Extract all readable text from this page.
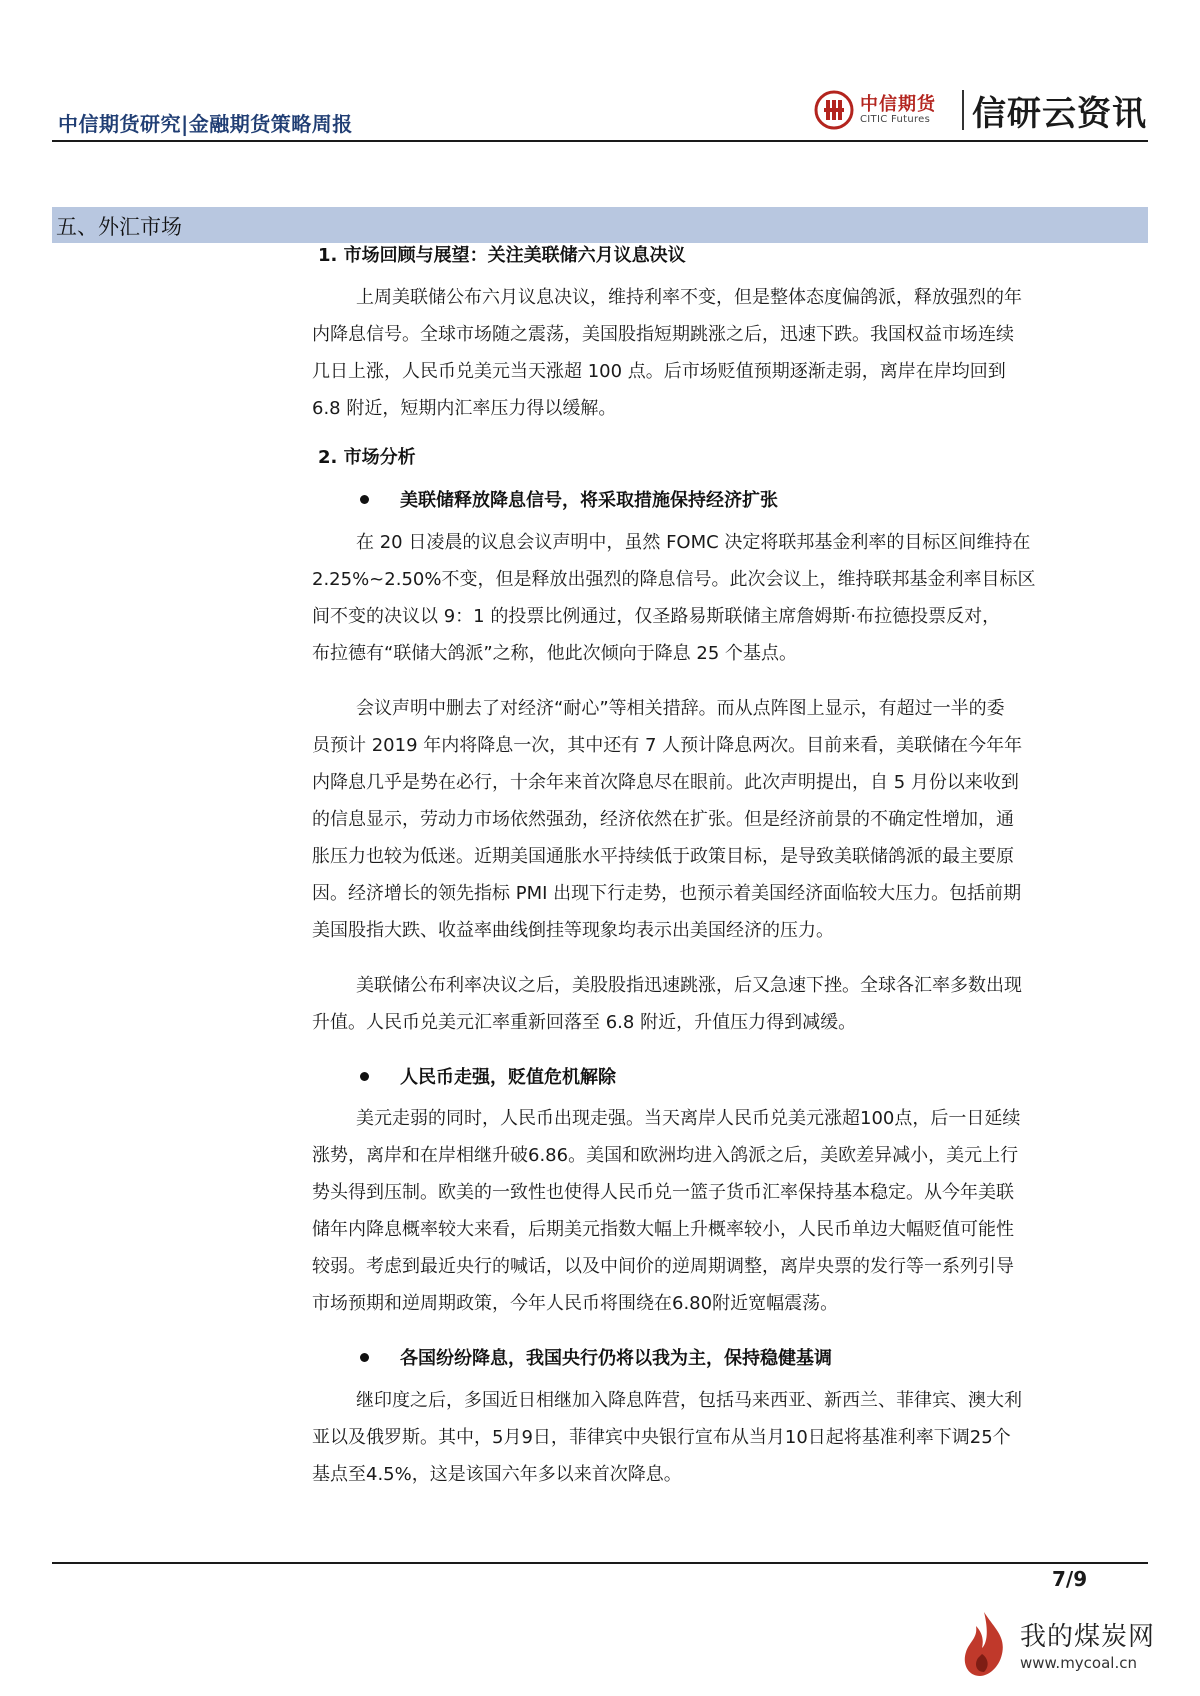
中信期货研究|金融期货策略周报
中信期货
CITIC Futures 信研云资讯
五、外汇市场
1. 市场回顾与展望：关注美联储六月议息决议
上周美联储公布六月议息决议，维持利率不变，但是整体态度偏鸽派，释放强烈的年
内降息信号。全球市场随之震荡，美国股指短期跳涨之后，迅速下跌。我国权益市场连续
几日上涨，人民币兑美元当天涨超 100 点。后市场贬值预期逐渐走弱，离岸在岸均回到
6.8 附近，短期内汇率压力得以缓解。
2. 市场分析
美联储释放降息信号，将采取措施保持经济扩张
在 20 日凌晨的议息会议声明中，虽然 FOMC 决定将联邦基金利率的目标区间维持在
2.25%~2.50%不变，但是释放出强烈的降息信号。此次会议上，维持联邦基金利率目标区
间不变的决议以 9：1 的投票比例通过，仅圣路易斯联储主席詹姆斯·布拉德投票反对，
布拉德有“联储大鸽派”之称，他此次倾向于降息 25 个基点。
会议声明中删去了对经济“耐心”等相关措辞。而从点阵图上显示，有超过一半的委
员预计 2019 年内将降息一次，其中还有 7 人预计降息两次。目前来看，美联储在今年年
内降息几乎是势在必行，十余年来首次降息尽在眼前。此次声明提出，自 5 月份以来收到
的信息显示，劳动力市场依然强劲，经济依然在扩张。但是经济前景的不确定性增加，通
胀压力也较为低迷。近期美国通胀水平持续低于政策目标，是导致美联储鸽派的最主要原
因。经济增长的领先指标 PMI 出现下行走势，也预示着美国经济面临较大压力。包括前期
美国股指大跌、收益率曲线倒挂等现象均表示出美国经济的压力。
美联储公布利率决议之后，美股股指迅速跳涨，后又急速下挫。全球各汇率多数出现
升值。人民币兑美元汇率重新回落至 6.8 附近，升值压力得到减缓。
人民币走强，贬值危机解除
美元走弱的同时，人民币出现走强。当天离岸人民币兑美元涨超100点，后一日延续
涨势，离岸和在岸相继升破6.86。美国和欧洲均进入鸽派之后，美欧差异减小，美元上行
势头得到压制。欧美的一致性也使得人民币兑一篮子货币汇率保持基本稳定。从今年美联
储年内降息概率较大来看，后期美元指数大幅上升概率较小，人民币单边大幅贬值可能性
较弱。考虑到最近央行的喊话，以及中间价的逆周期调整，离岸央票的发行等一系列引导
市场预期和逆周期政策，今年人民币将围绕在6.80附近宽幅震荡。
各国纷纷降息，我国央行仍将以我为主，保持稳健基调
继印度之后，多国近日相继加入降息阵营，包括马来西亚、新西兰、菲律宾、澳大利
亚以及俄罗斯。其中，5月9日，菲律宾中央银行宣布从当月10日起将基准利率下调25个
基点至4.5%，这是该国六年多以来首次降息。
7/9
我的煤炭网
www.mycoal.cn
